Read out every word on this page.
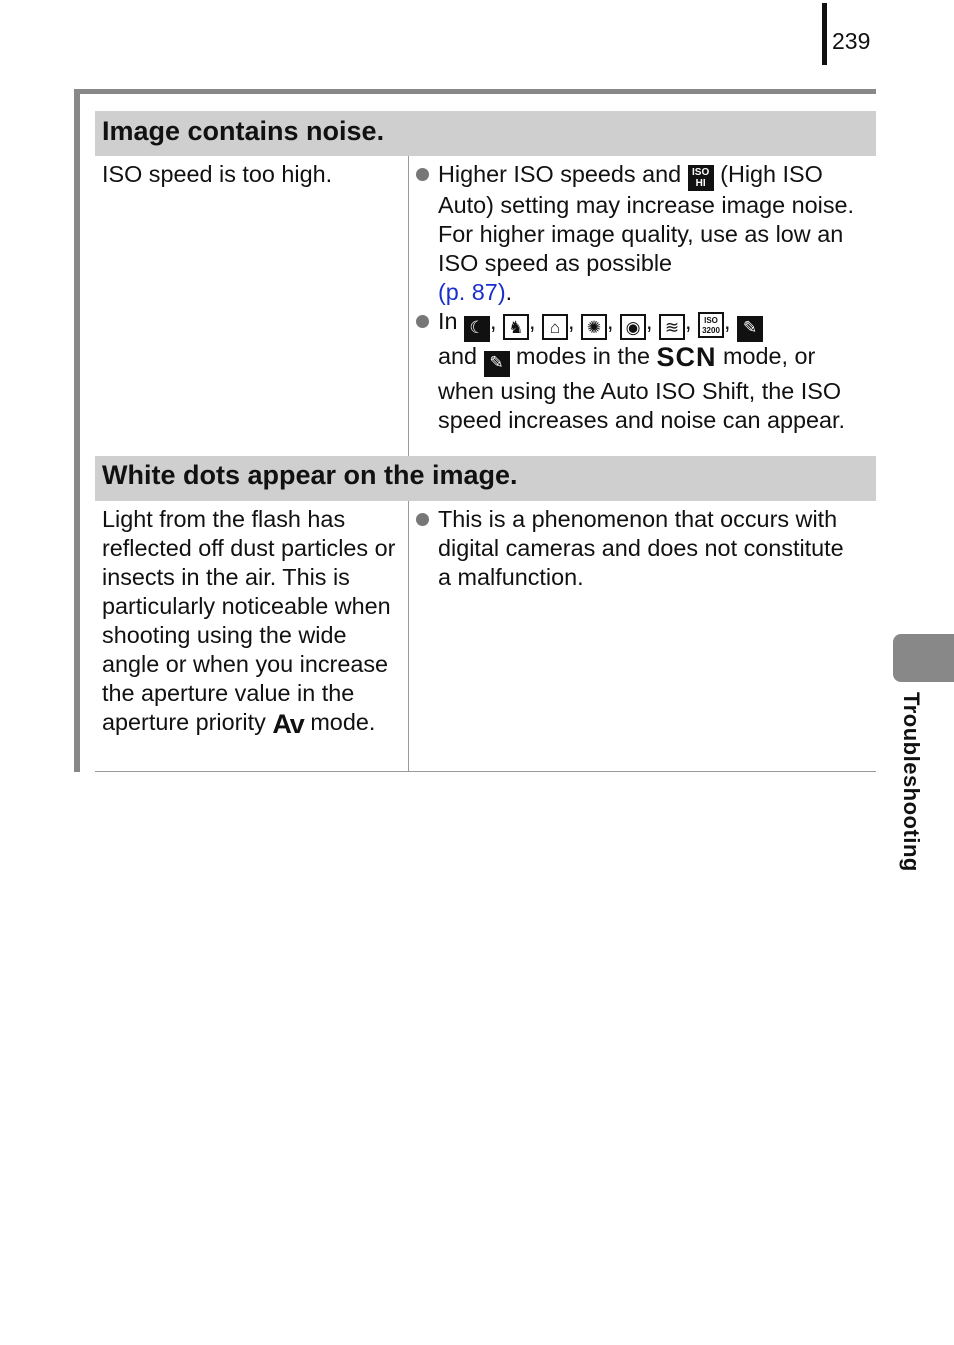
239
Image contains noise.
ISO speed is too high.	Higher ISO speeds and ISO
HI (High ISO Auto) setting may increase image noise. For higher image quality, use as low an ISO speed as possible
(p. 87).
In ☾ , ♞ , ⌂ , ✺ , ◉ , ≋ , ISO
3200 , ✎
and ✎ modes in the SCN mode, or when using the Auto ISO Shift, the ISO speed increases and noise can appear.
White dots appear on the image.
Light from the flash has reflected off dust particles or insects in the air. This is particularly noticeable when shooting using the wide angle or when you increase the aperture value in the aperture priority Av mode.
This is a phenomenon that occurs with digital cameras and does not constitute a malfunction.
Troubleshooting
